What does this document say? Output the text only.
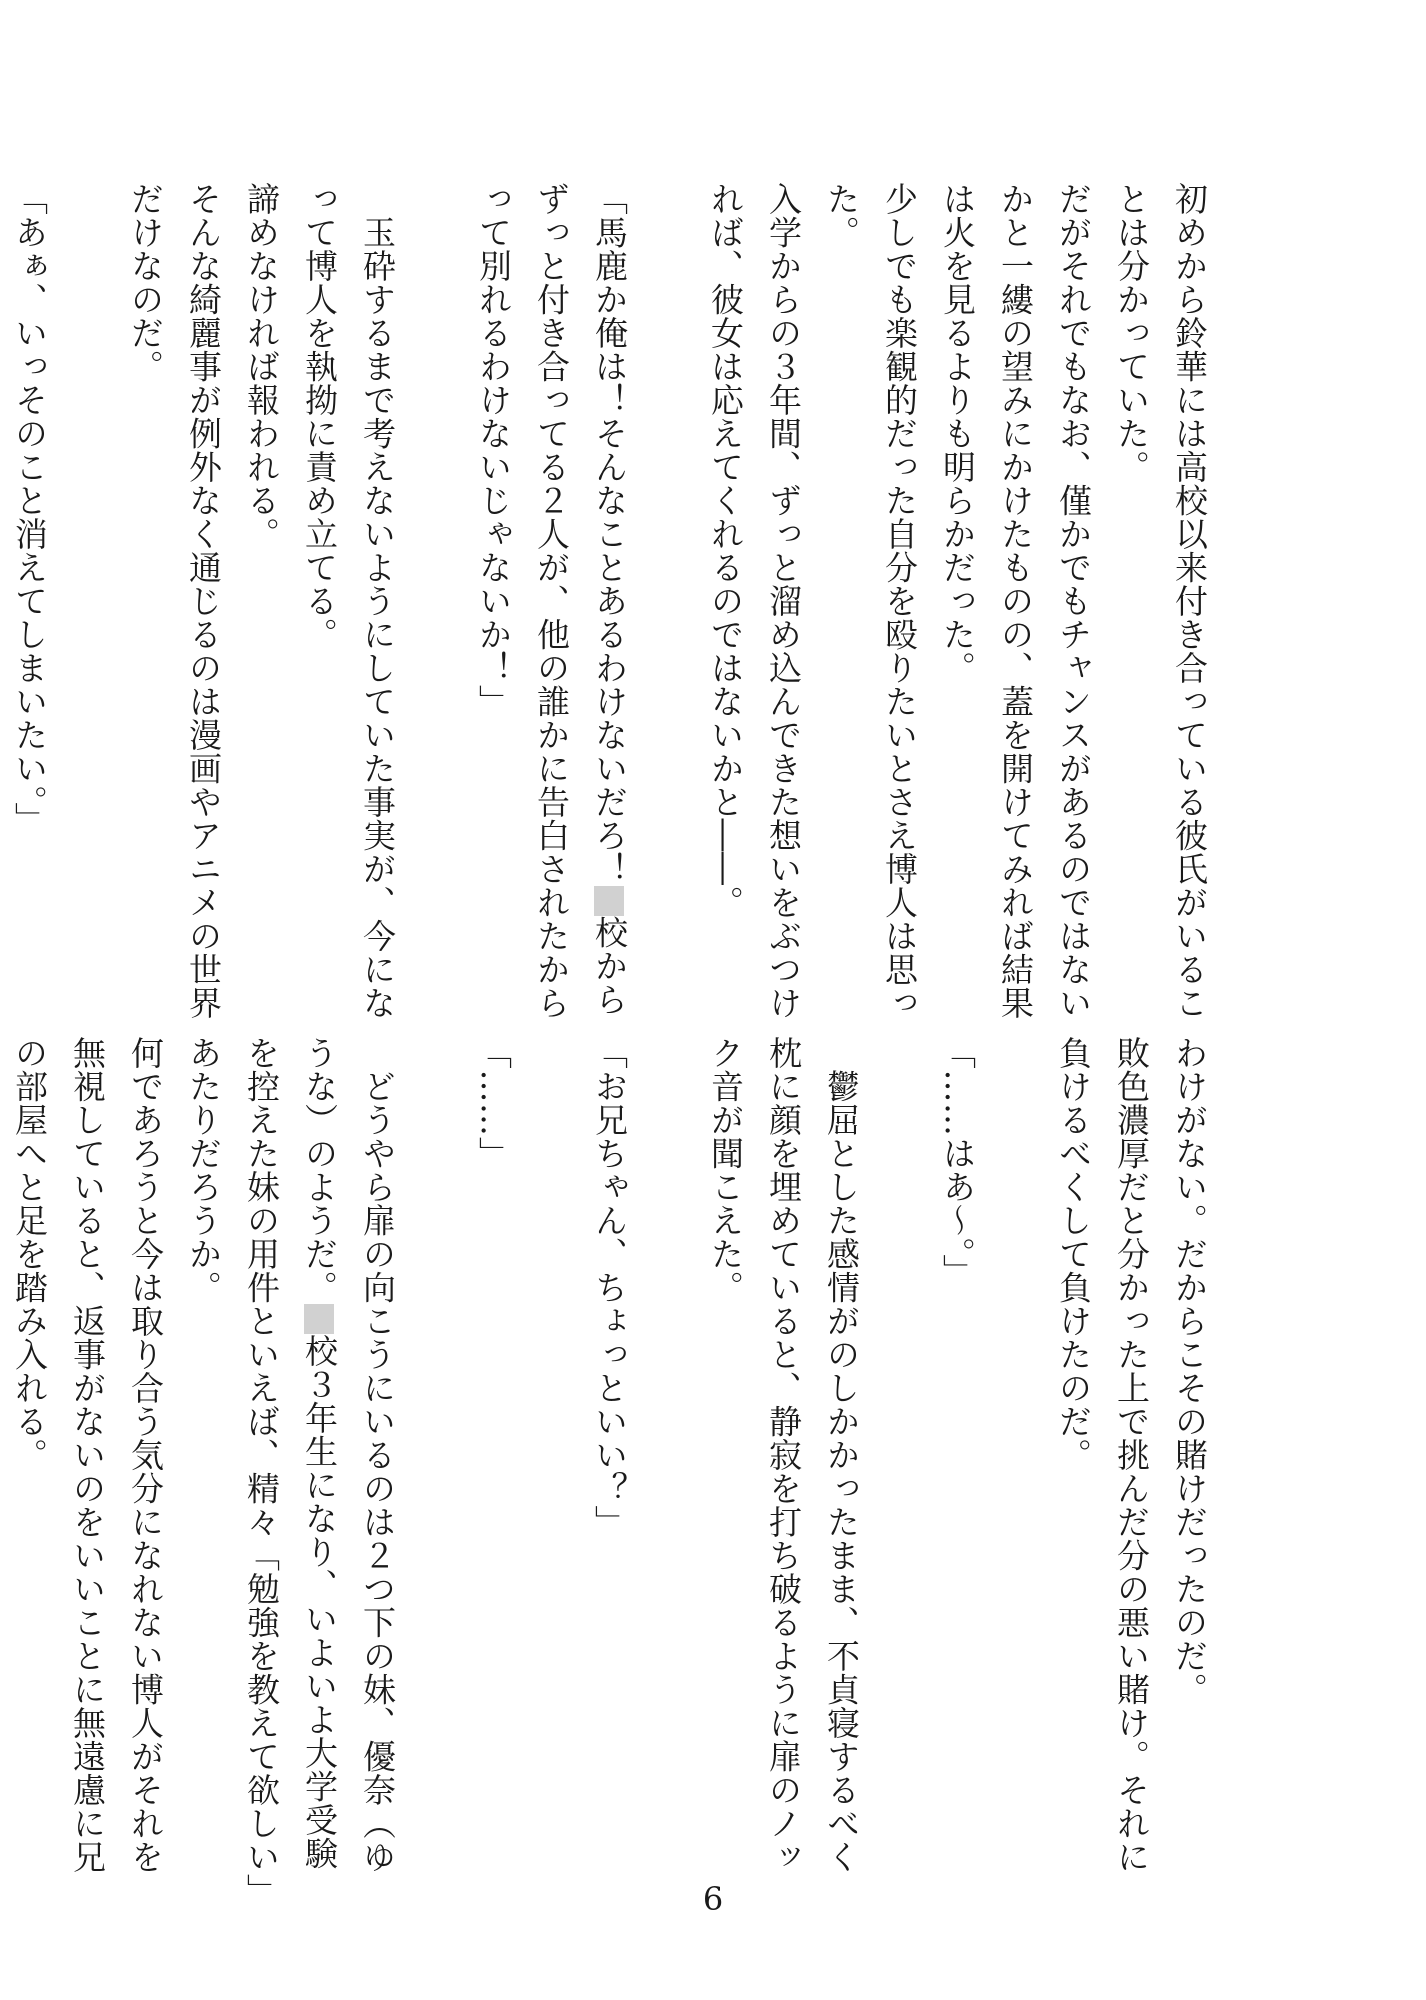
初めから鈴華には高校以来付き合っている彼氏がいるこ
とは分かっていた。
だがそれでもなお、僅かでもチャンスがあるのではない
かと一縷の望みにかけたものの、蓋を開けてみれば結果
は火を見るよりも明らかだった。
少しでも楽観的だった自分を殴りたいとさえ博人は思っ
た。
入学からの３年間、ずっと溜め込んできた想いをぶつけ
れば、彼女は応えてくれるのではないかと――。

「馬鹿か俺は！そんなことあるわけないだろ！校から
ずっと付き合ってる２人が、他の誰かに告白されたから
って別れるわけないじゃないか！」

　玉砕するまで考えないようにしていた事実が、今にな
って博人を執拗に責め立てる。
諦めなければ報われる。
そんな綺麗事が例外なく通じるのは漫画やアニメの世界
だけなのだ。

「あぁ、いっそのこと消えてしまいたい。」

わけがない。だからこその賭けだったのだ。
敗色濃厚だと分かった上で挑んだ分の悪い賭け。それに
負けるべくして負けたのだ。

「……はあ～。」

　鬱屈とした感情がのしかかったまま、不貞寝するべく
枕に顔を埋めていると、静寂を打ち破るように扉のノッ
ク音が聞こえた。

「お兄ちゃん、ちょっといい？」

「……」

　どうやら扉の向こうにいるのは２つ下の妹、優奈（ゆ
うな）のようだ。校３年生になり、いよいよ大学受験
を控えた妹の用件といえば、精々「勉強を教えて欲しい」
あたりだろうか。
何であろうと今は取り合う気分になれない博人がそれを
無視していると、返事がないのをいいことに無遠慮に兄
の部屋へと足を踏み入れる。

6
